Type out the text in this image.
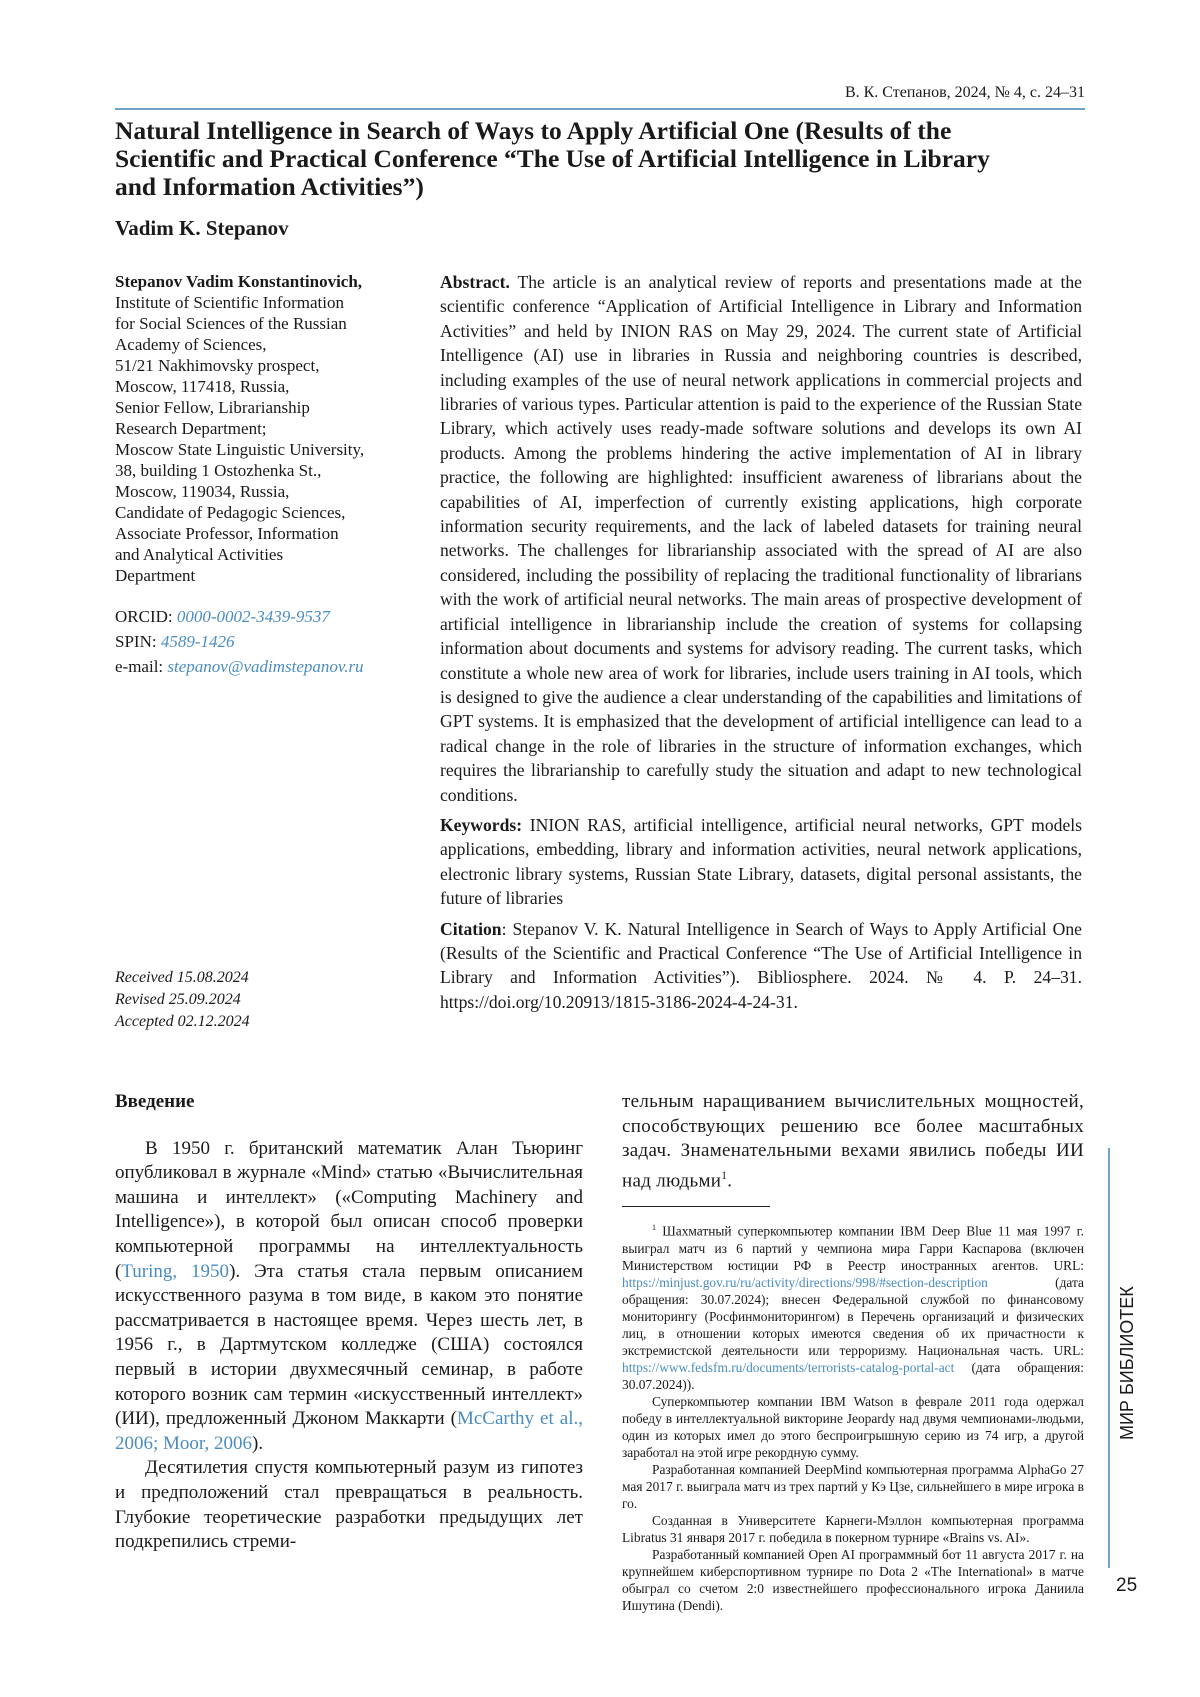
В. К. Степанов, 2024, № 4, с. 24–31
Natural Intelligence in Search of Ways to Apply Artificial One (Results of the Scientific and Practical Conference “The Use of Artificial Intelligence in Library and Information Activities”)
Vadim K. Stepanov
Stepanov Vadim Konstantinovich,
Institute of Scientific Information
for Social Sciences of the Russian
Academy of Sciences,
51/21 Nakhimovsky prospect,
Moscow, 117418, Russia,
Senior Fellow, Librarianship
Research Department;
Moscow State Linguistic University,
38, building 1 Ostozhenka St.,
Moscow, 119034, Russia,
Candidate of Pedagogic Sciences,
Associate Professor, Information
and Analytical Activities
Department
ORCID: 0000-0002-3439-9537
SPIN: 4589-1426
e-mail: stepanov@vadimstepanov.ru
Received 15.08.2024
Revised 25.09.2024
Accepted 02.12.2024

Abstract. The article is an analytical review of reports and presentations made at the scientific conference “Application of Artificial Intelligence in Library and Information Activities” and held by INION RAS on May 29, 2024. The current state of Artificial Intelligence (AI) use in libraries in Russia and neighboring countries is described, including examples of the use of neural network applications in commercial projects and libraries of various types. Particular attention is paid to the experience of the Russian State Library, which actively uses ready-made software solutions and develops its own AI products. Among the problems hindering the active implementation of AI in library practice, the following are highlighted: insufficient awareness of librarians about the capabilities of AI, imperfection of currently existing applications, high corporate information security requirements, and the lack of labeled datasets for training neural networks. The challenges for librarianship associated with the spread of AI are also considered, including the possibility of replacing the traditional functionality of librarians with the work of artificial neural networks. The main areas of prospective development of artificial intelligence in librarianship include the creation of systems for collapsing information about documents and systems for advisory reading. The current tasks, which constitute a whole new area of work for libraries, include users training in AI tools, which is designed to give the audience a clear understanding of the capabilities and limitations of GPT systems. It is emphasized that the development of artificial intelligence can lead to a radical change in the role of libraries in the structure of information exchanges, which requires the librarianship to carefully study the situation and adapt to new technological conditions.

Keywords: INION RAS, artificial intelligence, artificial neural networks, GPT models applications, embedding, library and information activities, neural network applications, electronic library systems, Russian State Library, datasets, digital personal assistants, the future of libraries

Citation: Stepanov V. K. Natural Intelligence in Search of Ways to Apply Artificial One (Results of the Scientific and Practical Conference “The Use of Artificial Intelligence in Library and Information Activities”). Bibliosphere. 2024. № 4. P. 24–31. https://doi.org/10.20913/1815-3186-2024-4-24-31.

Введение

В 1950 г. британский математик Алан Тьюринг опубликовал в журнале «Mind» статью «Вычислительная машина и интеллект» («Computing Machinery and Intelligence»), в которой был описан способ проверки компьютерной программы на интеллектуальность (Turing, 1950). Эта статья стала первым описанием искусственного разума в том виде, в каком это понятие рассматривается в настоящее время. Через шесть лет, в 1956 г., в Дартмутском колледже (США) состоялся первый в истории двухмесячный семинар, в работе которого возник сам термин «искусственный интеллект» (ИИ), предложенный Джоном Маккарти (McCarthy et al., 2006; Moor, 2006).

Десятилетия спустя компьютерный разум из гипотез и предположений стал превращаться в реальность. Глубокие теоретические разработки предыдущих лет подкрепились стреми-

тельным наращиванием вычислительных мощностей, способствующих решению все более масштабных задач. Знаменательными вехами явились победы ИИ над людьми1.

1 Шахматный суперкомпьютер компании IBM Deep Blue 11 мая 1997 г. выиграл матч из 6 партий у чемпиона мира Гарри Каспарова (включен Министерством юстиции РФ в Реестр иностранных агентов. URL: https://minjust.gov.ru/ru/activity/directions/998/#section-description (дата обращения: 30.07.2024); внесен Федеральной службой по финансовому мониторингу (Росфинмониторингом) в Перечень организаций и физических лиц, в отношении которых имеются сведения об их причастности к экстремистской деятельности или терроризму. Национальная часть. URL: https://www.fedsfm.ru/documents/terrorists-catalog-portal-act (дата обращения: 30.07.2024)).

Суперкомпьютер компании IBM Watson в феврале 2011 года одержал победу в интеллектуальной викторине Jeopardy над двумя чемпионами-людьми, один из которых имел до этого беспроигрышную серию из 74 игр, а другой заработал на этой игре рекордную сумму.

Разработанная компанией DeepMind компьютерная программа AlphaGo 27 мая 2017 г. выиграла матч из трех партий у Кэ Цзе, сильнейшего в мире игрока в го.

Созданная в Университете Карнеги-Мэллон компьютерная программа Libratus 31 января 2017 г. победила в покерном турнире «Brains vs. AI».

Разработанный компанией Open AI программный бот 11 августа 2017 г. на крупнейшем киберспортивном турнире по Dota 2 «The International» в матче обыграл со счетом 2:0 известнейшего профессионального игрока Даниила Ишутина (Dendi).

МИР БИБЛИОТЕК
25
